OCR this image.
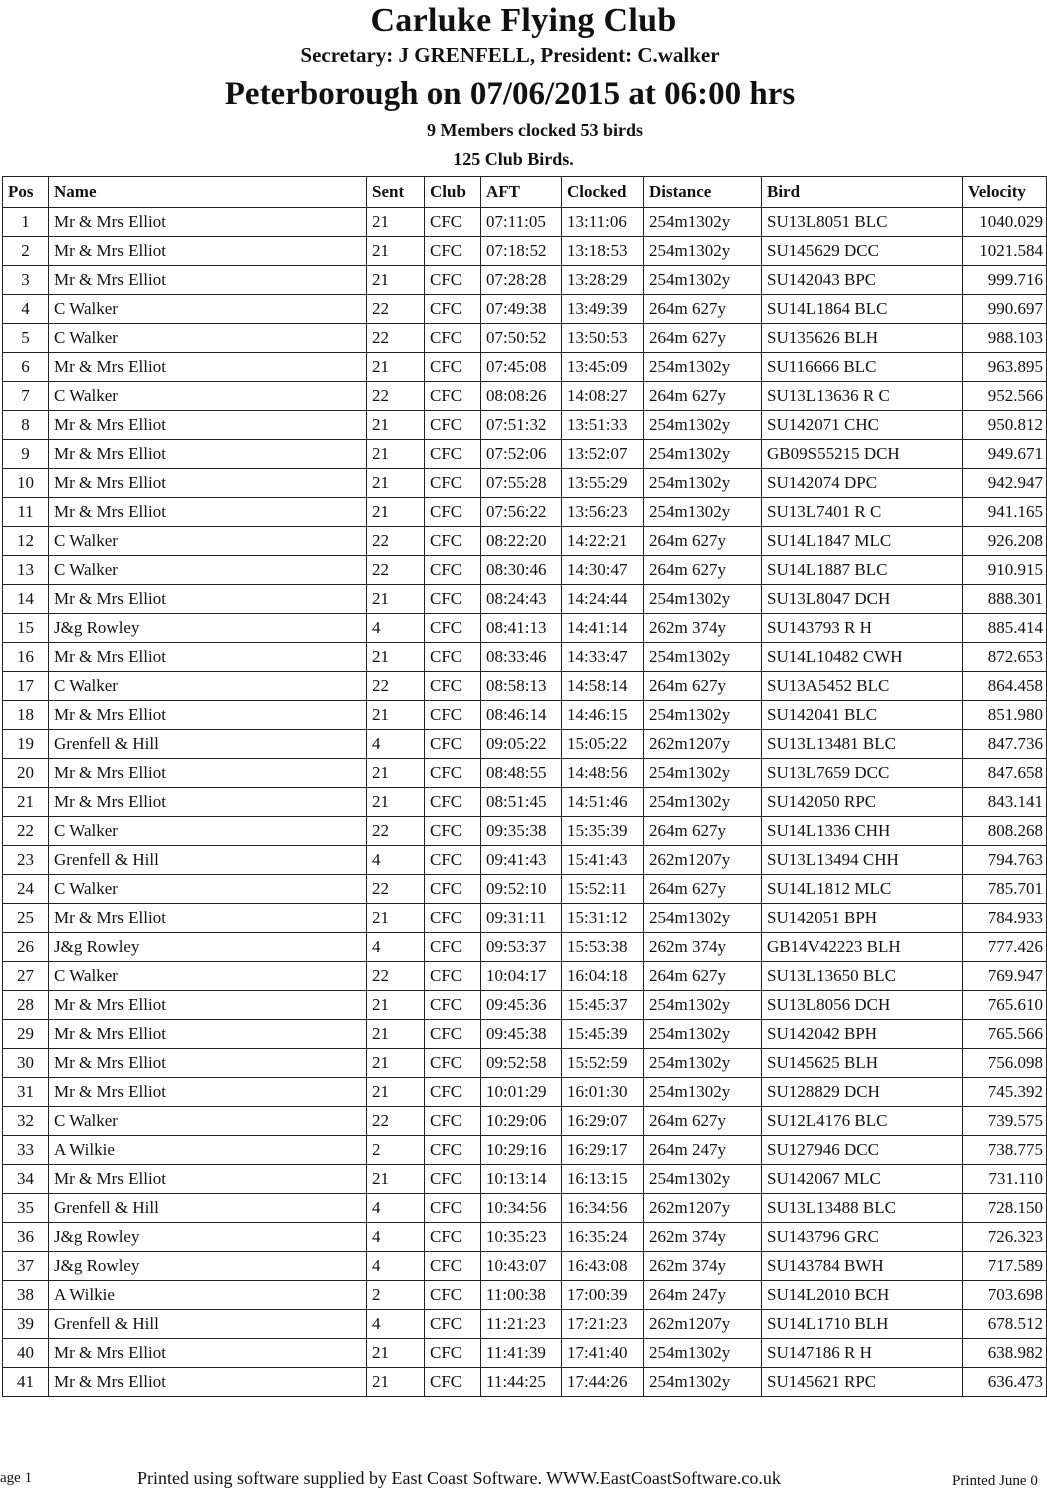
Carluke Flying Club
Secretary: J GRENFELL, President: C.walker
Peterborough on 07/06/2015 at 06:00 hrs
9 Members clocked 53 birds
125 Club Birds.
Pos	Name	Sent	Club	AFT	Clocked	Distance	Bird	Velocity
1	Mr & Mrs Elliot	21	CFC	07:11:05	13:11:06	254m1302y	SU13L8051 BLC	1040.029
2	Mr & Mrs Elliot	21	CFC	07:18:52	13:18:53	254m1302y	SU145629 DCC	1021.584
3	Mr & Mrs Elliot	21	CFC	07:28:28	13:28:29	254m1302y	SU142043 BPC	999.716
4	C Walker	22	CFC	07:49:38	13:49:39	264m 627y	SU14L1864 BLC	990.697
5	C Walker	22	CFC	07:50:52	13:50:53	264m 627y	SU135626 BLH	988.103
6	Mr & Mrs Elliot	21	CFC	07:45:08	13:45:09	254m1302y	SU116666 BLC	963.895
7	C Walker	22	CFC	08:08:26	14:08:27	264m 627y	SU13L13636 R C	952.566
8	Mr & Mrs Elliot	21	CFC	07:51:32	13:51:33	254m1302y	SU142071 CHC	950.812
9	Mr & Mrs Elliot	21	CFC	07:52:06	13:52:07	254m1302y	GB09S55215 DCH	949.671
10	Mr & Mrs Elliot	21	CFC	07:55:28	13:55:29	254m1302y	SU142074 DPC	942.947
11	Mr & Mrs Elliot	21	CFC	07:56:22	13:56:23	254m1302y	SU13L7401 R C	941.165
12	C Walker	22	CFC	08:22:20	14:22:21	264m 627y	SU14L1847 MLC	926.208
13	C Walker	22	CFC	08:30:46	14:30:47	264m 627y	SU14L1887 BLC	910.915
14	Mr & Mrs Elliot	21	CFC	08:24:43	14:24:44	254m1302y	SU13L8047 DCH	888.301
15	J&g Rowley	4	CFC	08:41:13	14:41:14	262m 374y	SU143793 R H	885.414
16	Mr & Mrs Elliot	21	CFC	08:33:46	14:33:47	254m1302y	SU14L10482 CWH	872.653
17	C Walker	22	CFC	08:58:13	14:58:14	264m 627y	SU13A5452 BLC	864.458
18	Mr & Mrs Elliot	21	CFC	08:46:14	14:46:15	254m1302y	SU142041 BLC	851.980
19	Grenfell & Hill	4	CFC	09:05:22	15:05:22	262m1207y	SU13L13481 BLC	847.736
20	Mr & Mrs Elliot	21	CFC	08:48:55	14:48:56	254m1302y	SU13L7659 DCC	847.658
21	Mr & Mrs Elliot	21	CFC	08:51:45	14:51:46	254m1302y	SU142050 RPC	843.141
22	C Walker	22	CFC	09:35:38	15:35:39	264m 627y	SU14L1336 CHH	808.268
23	Grenfell & Hill	4	CFC	09:41:43	15:41:43	262m1207y	SU13L13494 CHH	794.763
24	C Walker	22	CFC	09:52:10	15:52:11	264m 627y	SU14L1812 MLC	785.701
25	Mr & Mrs Elliot	21	CFC	09:31:11	15:31:12	254m1302y	SU142051 BPH	784.933
26	J&g Rowley	4	CFC	09:53:37	15:53:38	262m 374y	GB14V42223 BLH	777.426
27	C Walker	22	CFC	10:04:17	16:04:18	264m 627y	SU13L13650 BLC	769.947
28	Mr & Mrs Elliot	21	CFC	09:45:36	15:45:37	254m1302y	SU13L8056 DCH	765.610
29	Mr & Mrs Elliot	21	CFC	09:45:38	15:45:39	254m1302y	SU142042 BPH	765.566
30	Mr & Mrs Elliot	21	CFC	09:52:58	15:52:59	254m1302y	SU145625 BLH	756.098
31	Mr & Mrs Elliot	21	CFC	10:01:29	16:01:30	254m1302y	SU128829 DCH	745.392
32	C Walker	22	CFC	10:29:06	16:29:07	264m 627y	SU12L4176 BLC	739.575
33	A Wilkie	2	CFC	10:29:16	16:29:17	264m 247y	SU127946 DCC	738.775
34	Mr & Mrs Elliot	21	CFC	10:13:14	16:13:15	254m1302y	SU142067 MLC	731.110
35	Grenfell & Hill	4	CFC	10:34:56	16:34:56	262m1207y	SU13L13488 BLC	728.150
36	J&g Rowley	4	CFC	10:35:23	16:35:24	262m 374y	SU143796 GRC	726.323
37	J&g Rowley	4	CFC	10:43:07	16:43:08	262m 374y	SU143784 BWH	717.589
38	A Wilkie	2	CFC	11:00:38	17:00:39	264m 247y	SU14L2010 BCH	703.698
39	Grenfell & Hill	4	CFC	11:21:23	17:21:23	262m1207y	SU14L1710 BLH	678.512
40	Mr & Mrs Elliot	21	CFC	11:41:39	17:41:40	254m1302y	SU147186 R H	638.982
41	Mr & Mrs Elliot	21	CFC	11:44:25	17:44:26	254m1302y	SU145621 RPC	636.473
age 1	Printed using software supplied by East Coast Software. WWW.EastCoastSoftware.co.uk	Printed June 0
